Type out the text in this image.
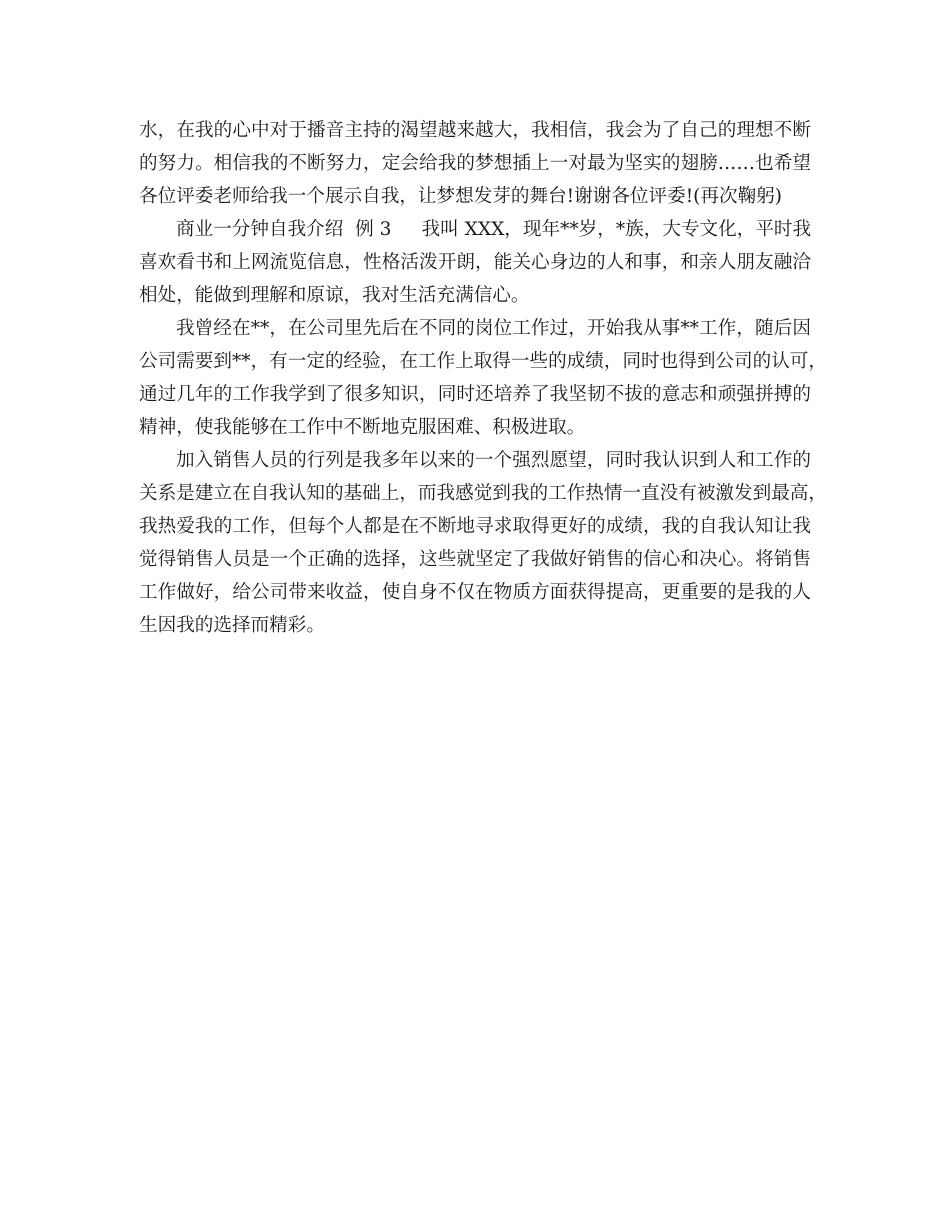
水，在我的心中对于播音主持的渴望越来越大，我相信，我会为了自己的理想不断
的努力。相信我的不断努力，定会给我的梦想插上一对最为坚实的翅膀……也希望
各位评委老师给我一个展示自我，让梦想发芽的舞台!谢谢各位评委!(再次鞠躬)
商业一分钟自我介绍  例 3 我叫 XXX，现年**岁，*族，大专文化，平时我
喜欢看书和上网流览信息，性格活泼开朗，能关心身边的人和事，和亲人朋友融洽
相处，能做到理解和原谅，我对生活充满信心。
我曾经在**，在公司里先后在不同的岗位工作过，开始我从事**工作，随后因
公司需要到**，有一定的经验，在工作上取得一些的成绩，同时也得到公司的认可，
通过几年的工作我学到了很多知识，同时还培养了我坚韧不拔的意志和顽强拼搏的
精神，使我能够在工作中不断地克服困难、积极进取。
加入销售人员的行列是我多年以来的一个强烈愿望，同时我认识到人和工作的
关系是建立在自我认知的基础上，而我感觉到我的工作热情一直没有被激发到最高，
我热爱我的工作，但每个人都是在不断地寻求取得更好的成绩，我的自我认知让我
觉得销售人员是一个正确的选择，这些就坚定了我做好销售的信心和决心。将销售
工作做好，给公司带来收益，使自身不仅在物质方面获得提高，更重要的是我的人
生因我的选择而精彩。
